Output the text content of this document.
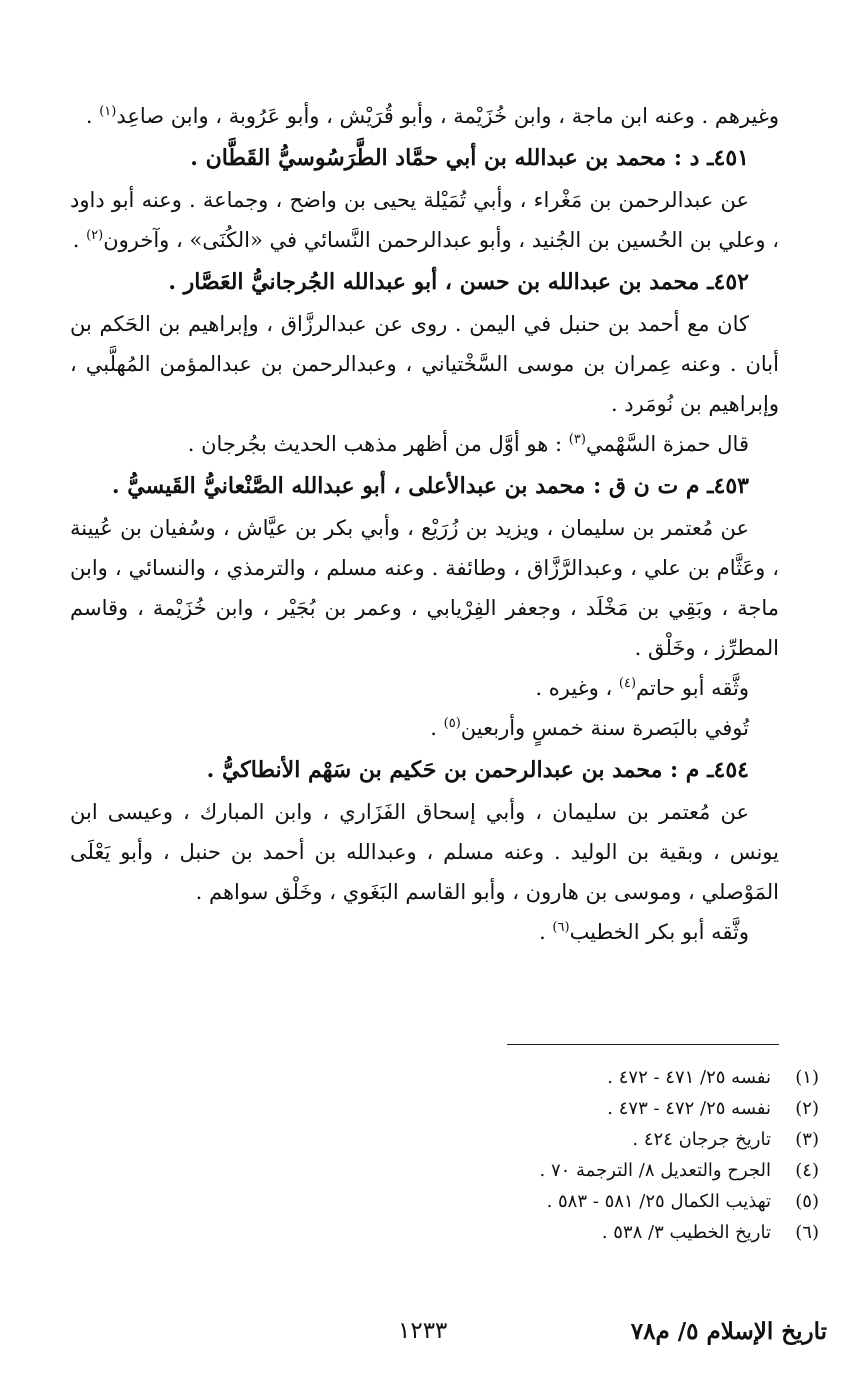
وغيرهم . وعنه ابن ماجة ، وابن خُزَيْمة ، وأبو قُرَيْش ، وأبو عَرُوبة ، وابن صاعِد$^{(١)}$ .

٤٥١ـ د : محمد بن عبدالله بن أبي حمَّاد الطَّرَسُوسيُّ القَطَّان .

عن عبدالرحمن بن مَغْراء ، وأبي تُمَيْلة يحيى بن واضح ، وجماعة . وعنه أبو داود ، وعلي بن الحُسين بن الجُنيد ، وأبو عبدالرحمن النَّسائي في «الكُنَى» ، وآخرون$^{(٢)}$ .

٤٥٢ـ محمد بن عبدالله بن حسن ، أبو عبدالله الجُرجانيُّ العَصَّار .

كان مع أحمد بن حنبل في اليمن . روى عن عبدالرزَّاق ، وإبراهيم بن الحَكم بن أبان . وعنه عِمران بن موسى السَّخْتياني ، وعبدالرحمن بن عبدالمؤمن المُهلَّبي ، وإبراهيم بن نُومَرد .

قال حمزة السَّهْمي$^{(٣)}$ : هو أوَّل من أظهر مذهب الحديث بجُرجان .

٤٥٣ـ م ت ن ق : محمد بن عبدالأعلى ، أبو عبدالله الصَّنْعانيُّ القَيسيُّ .

عن مُعتمر بن سليمان ، ويزيد بن زُرَيْع ، وأبي بكر بن عيَّاش ، وسُفيان بن عُيينة ، وعَثَّام بن علي ، وعبدالرَّزَّاق ، وطائفة . وعنه مسلم ، والترمذي ، والنسائي ، وابن ماجة ، وبَقِي بن مَخْلَد ، وجعفر الفِرْيابي ، وعمر بن بُجَيْر ، وابن خُزَيْمة ، وقاسم المطرِّز ، وخَلْق .

وثَّقه أبو حاتم$^{(٤)}$ ، وغيره .

تُوفي بالبَصرة سنة خمسٍ وأربعين$^{(٥)}$ .

٤٥٤ـ م : محمد بن عبدالرحمن بن حَكيم بن سَهْم الأنطاكيُّ .

عن مُعتمر بن سليمان ، وأبي إسحاق الفَزَاري ، وابن المبارك ، وعيسى ابن يونس ، وبقية بن الوليد . وعنه مسلم ، وعبدالله بن أحمد بن حنبل ، وأبو يَعْلَى المَوْصلي ، وموسى بن هارون ، وأبو القاسم البَغَوي ، وخَلْق سواهم .

وثَّقه أبو بكر الخطيب$^{(٦)}$ .

(١)
نفسه ٢٥/ ٤٧١ - ٤٧٢ .
(٢)
نفسه ٢٥/ ٤٧٢ - ٤٧٣ .
(٣)
تاريخ جرجان ٤٢٤ .
(٤)
الجرح والتعديل ٨/ الترجمة ٧٠ .
(٥)
تهذيب الكمال ٢٥/ ٥٨١ - ٥٨٣ .
(٦)
تاريخ الخطيب ٣/ ٥٣٨ .
تاريخ الإسلام ٥/ م٧٨
١٢٣٣
